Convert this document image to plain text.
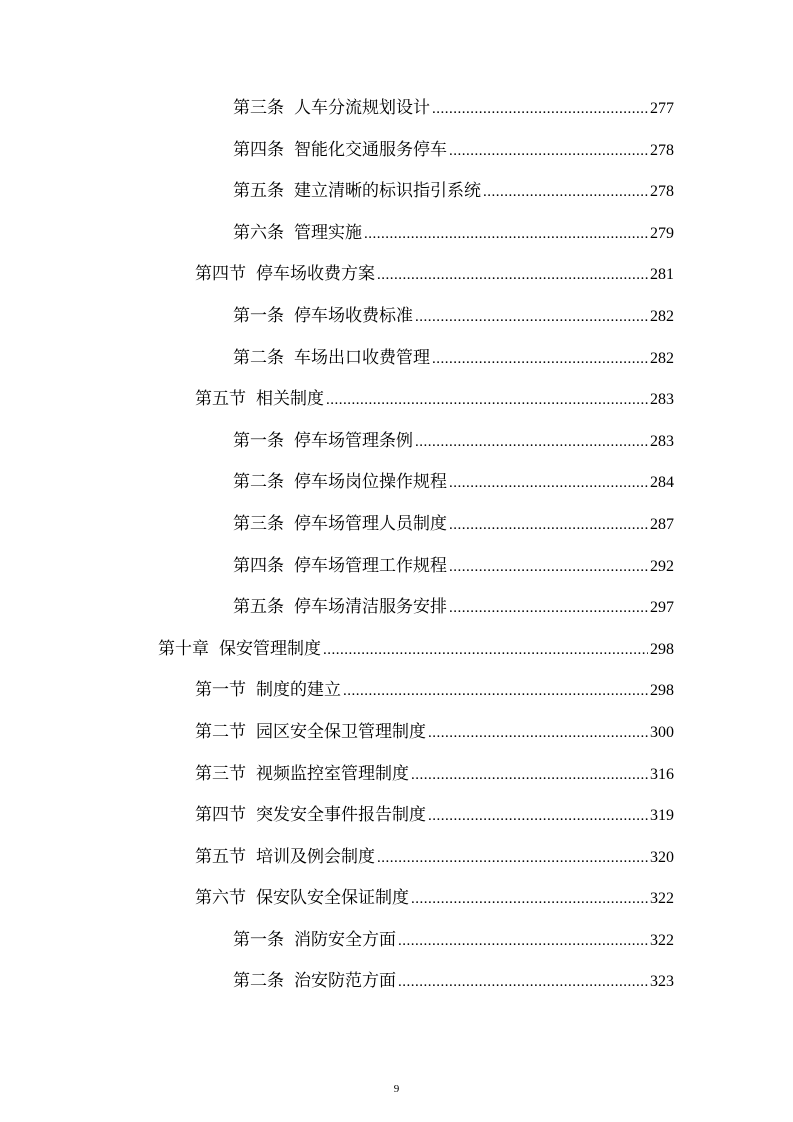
第三条 人车分流规划设计 .....	277
第四条 智能化交通服务停车 .....	278
第五条 建立清晰的标识指引系统 .....	278
第六条 管理实施 .....	279
第四节 停车场收费方案 .....	281
第一条 停车场收费标准 .....	282
第二条 车场出口收费管理 .....	282
第五节 相关制度 .....	283
第一条 停车场管理条例 .....	283
第二条 停车场岗位操作规程 .....	284
第三条 停车场管理人员制度 .....	287
第四条 停车场管理工作规程 .....	292
第五条 停车场清洁服务安排 .....	297
第十章 保安管理制度 .....	298
第一节 制度的建立 .....	298
第二节 园区安全保卫管理制度 .....	300
第三节 视频监控室管理制度 .....	316
第四节 突发安全事件报告制度 .....	319
第五节 培训及例会制度 .....	320
第六节 保安队安全保证制度 .....	322
第一条 消防安全方面 .....	322
第二条 治安防范方面 .....	323
9
